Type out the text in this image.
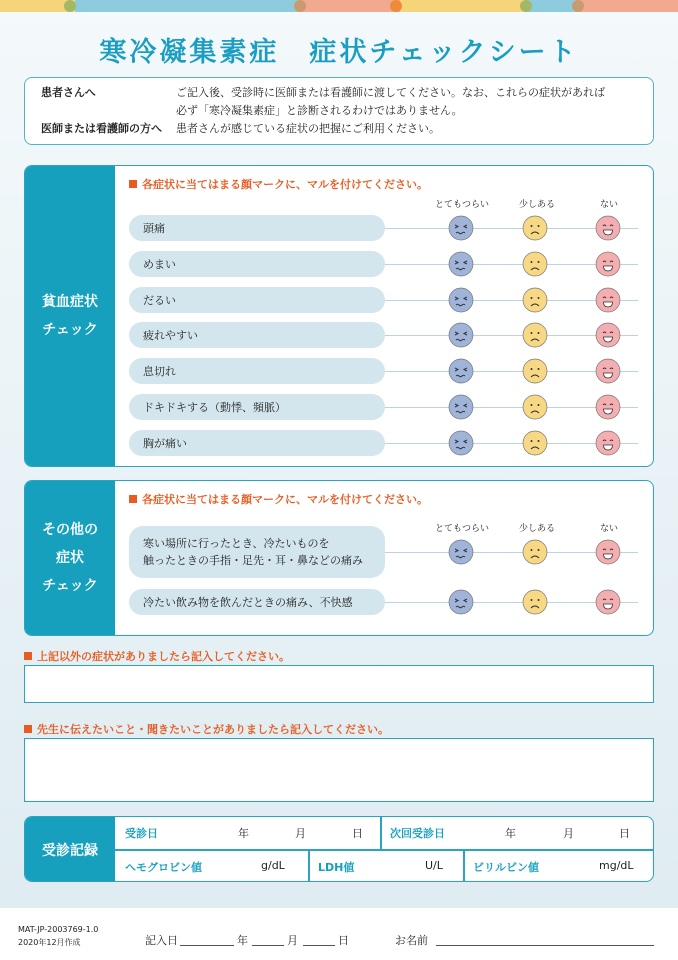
寒冷凝集素症　症状チェックシート
患者さんへ	ご記入後、受診時に医師または看護師に渡してください。なお、これらの症状があれば
必ず「寒冷凝集素症」と診断されるわけではありません。
医師または看護師の方へ	患者さんが感じている症状の把握にご利用ください。
貧血症状
チェック
各症状に当てはまる顔マークに、マルを付けてください。
とてもつらい	少しある	ない
頭痛
めまい
だるい
疲れやすい
息切れ
ドキドキする（動悸、頻脈）
胸が痛い
その他の
症状
チェック
各症状に当てはまる顔マークに、マルを付けてください。
とてもつらい	少しある	ない
寒い場所に行ったとき、冷たいものを
触ったときの手指・足先・耳・鼻などの痛み
冷たい飲み物を飲んだときの痛み、不快感
上記以外の症状がありましたら記入してください。
先生に伝えたいこと・聞きたいことがありましたら記入してください。
受診記録
受診日	年	月	日 次回受診日	年	月	日
ヘモグロビン値	g/dL	LDH値	U/L	ビリルビン値	mg/dL
MAT-JP-2003769-1.0
2020年12月作成	記入日	年	月	日	お名前
